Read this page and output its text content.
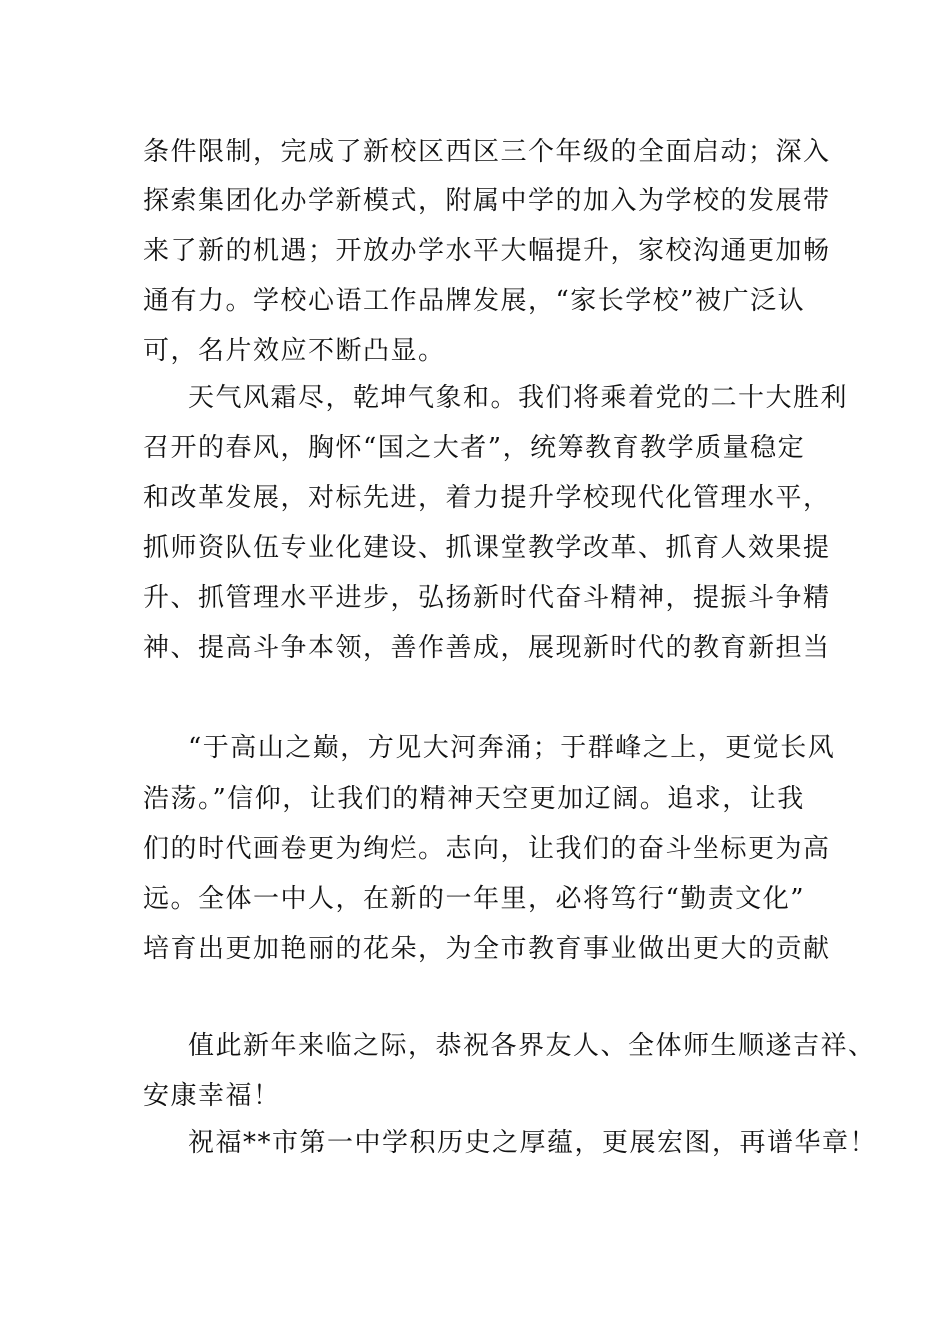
条件限制，完成了新校区西区三个年级的全面启动；深入
探索集团化办学新模式，附属中学的加入为学校的发展带
来了新的机遇；开放办学水平大幅提升，家校沟通更加畅
通有力。学校心语工作品牌发展，“家长学校”被广泛认
可，名片效应不断凸显。
天气风霜尽，乾坤气象和。我们将乘着党的二十大胜利
召开的春风，胸怀“国之大者”，统筹教育教学质量稳定
和改革发展，对标先进，着力提升学校现代化管理水平，
抓师资队伍专业化建设、抓课堂教学改革、抓育人效果提
升、抓管理水平进步，弘扬新时代奋斗精神，提振斗争精
神、提高斗争本领，善作善成，展现新时代的教育新担当
“于高山之巅，方见大河奔涌；于群峰之上，更觉长风
浩荡。”信仰，让我们的精神天空更加辽阔。追求，让我
们的时代画卷更为绚烂。志向，让我们的奋斗坐标更为高
远。全体一中人，在新的一年里，必将笃行“勤责文化”
培育出更加艳丽的花朵，为全市教育事业做出更大的贡献
值此新年来临之际，恭祝各界友人、全体师生顺遂吉祥、
安康幸福！
祝福**市第一中学积历史之厚蕴，更展宏图，再谱华章！
